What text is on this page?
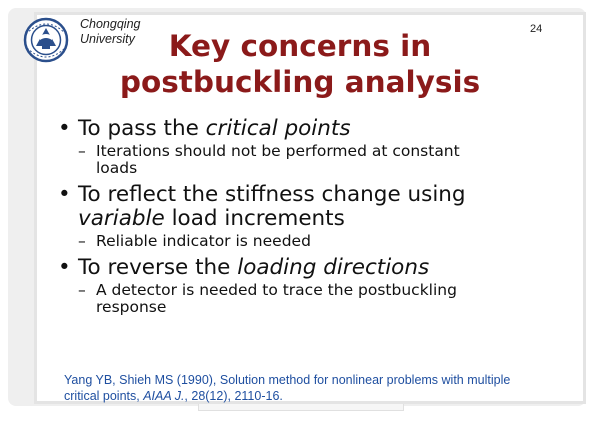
Chongqing
University
24
Key concerns in
postbuckling analysis
• To pass the critical points
– Iterations should not be performed at constant
loads
• To reflect the stiffness change using
variable load increments
– Reliable indicator is needed
• To reverse the loading directions
– A detector is needed to trace the postbuckling
response
Yang YB, Shieh MS (1990), Solution method for nonlinear problems with multiple
critical points, AIAA J., 28(12), 2110-16.
